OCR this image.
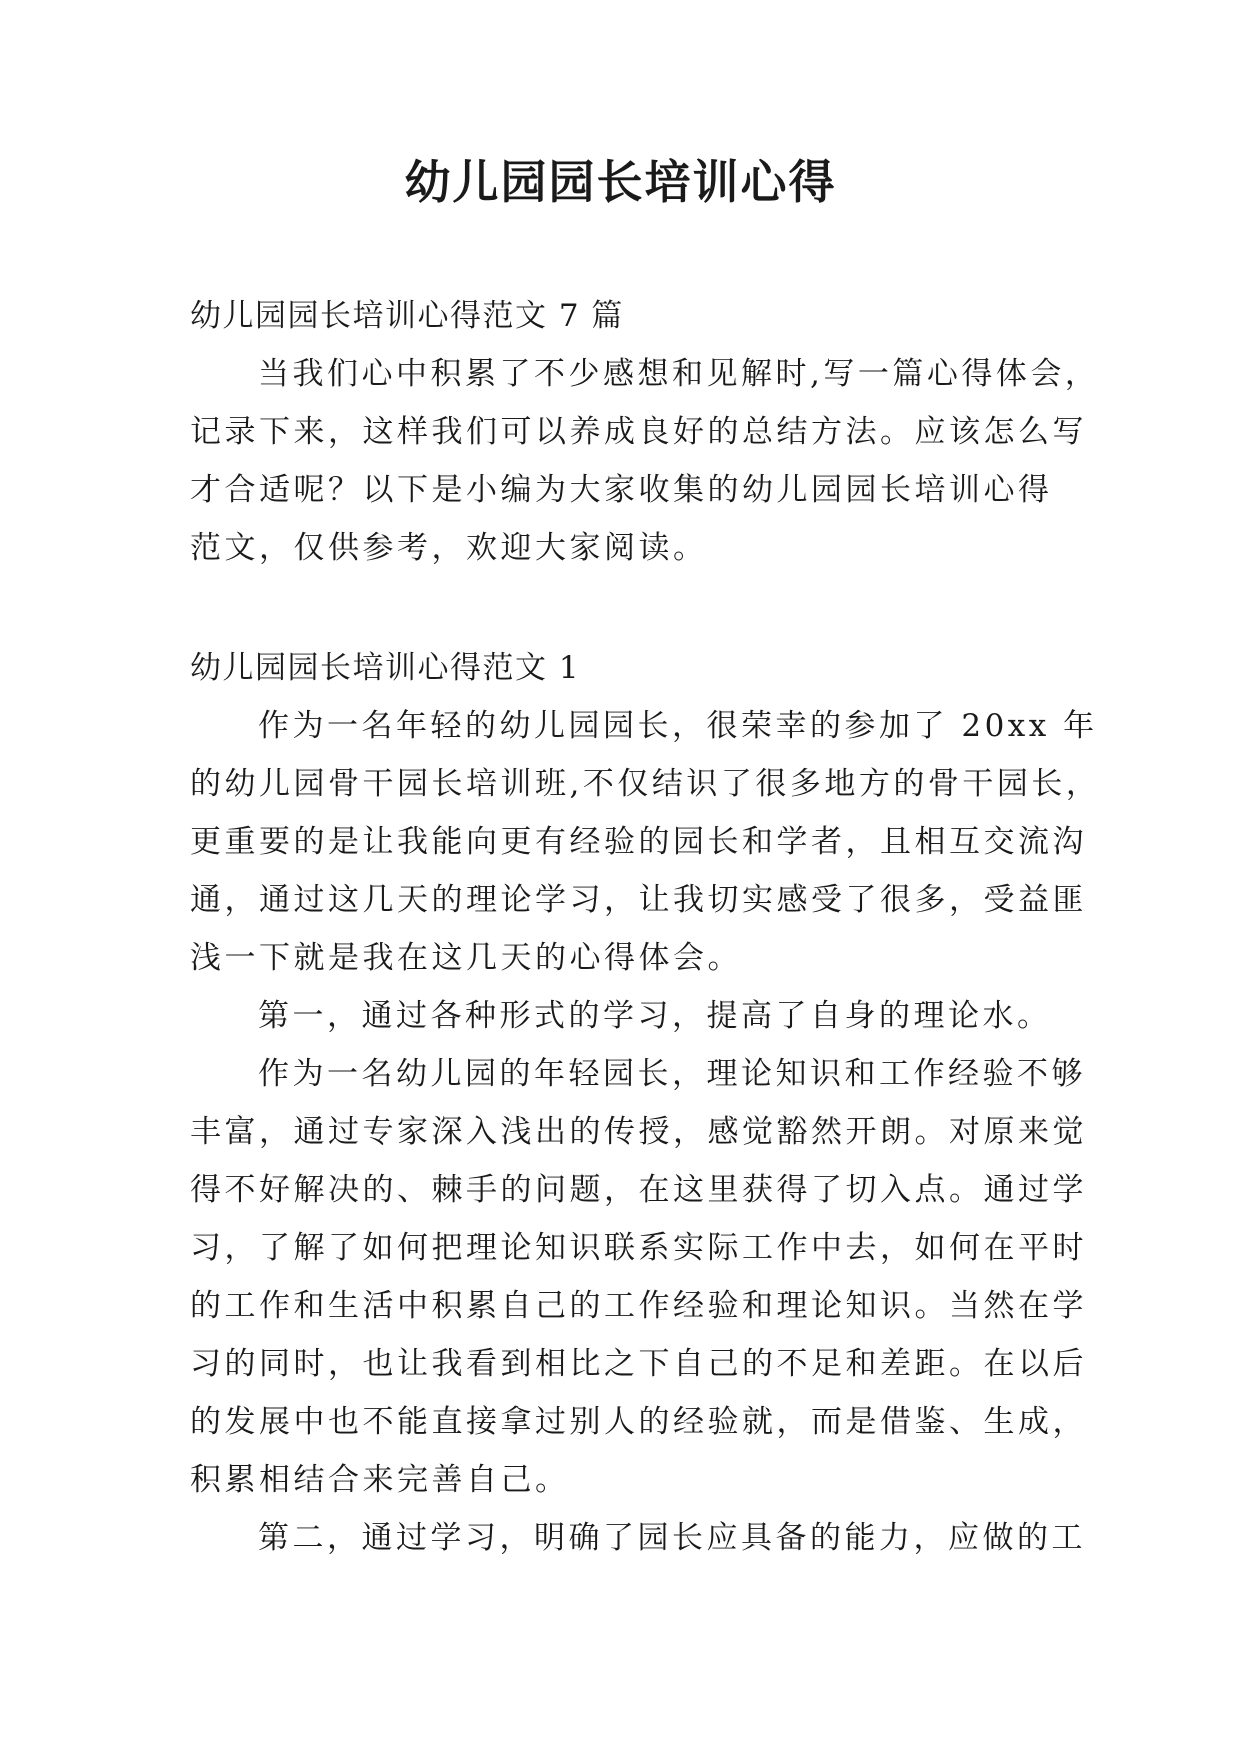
幼儿园园长培训心得

幼儿园园长培训心得范文 7 篇

当我们心中积累了不少感想和见解时,写一篇心得体会，

记录下来，这样我们可以养成良好的总结方法。应该怎么写

才合适呢？以下是小编为大家收集的幼儿园园长培训心得

范文，仅供参考，欢迎大家阅读。

幼儿园园长培训心得范文 1

作为一名年轻的幼儿园园长，很荣幸的参加了 20xx 年

的幼儿园骨干园长培训班,不仅结识了很多地方的骨干园长，

更重要的是让我能向更有经验的园长和学者，且相互交流沟

通，通过这几天的理论学习，让我切实感受了很多，受益匪

浅一下就是我在这几天的心得体会。

第一，通过各种形式的学习，提高了自身的理论水。

作为一名幼儿园的年轻园长，理论知识和工作经验不够

丰富，通过专家深入浅出的传授，感觉豁然开朗。对原来觉

得不好解决的、棘手的问题，在这里获得了切入点。通过学

习，了解了如何把理论知识联系实际工作中去，如何在平时

的工作和生活中积累自己的工作经验和理论知识。当然在学

习的同时，也让我看到相比之下自己的不足和差距。在以后

的发展中也不能直接拿过别人的经验就，而是借鉴、生成，

积累相结合来完善自己。

第二，通过学习，明确了园长应具备的能力，应做的工
